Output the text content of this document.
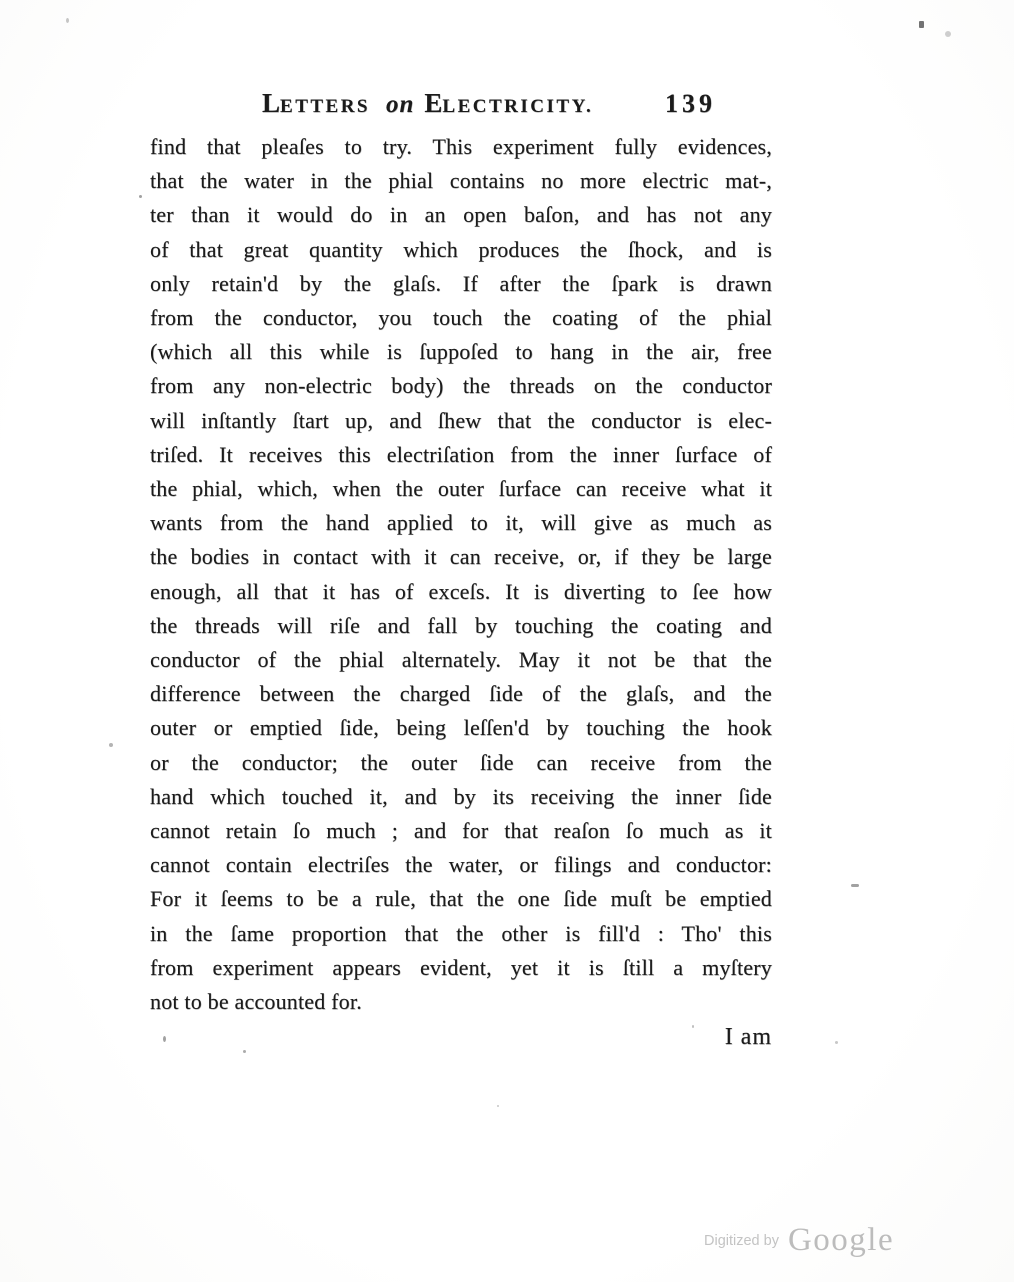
LETTERS on ELECTRICITY.	139
find that pleaſes to try. This experiment fully evidences,
that the water in the phial contains no more electric mat-,
ter than it would do in an open baſon, and has not any
of that great quantity which produces the ſhock, and is
only retain'd by the glaſs. If after the ſpark is drawn
from the conductor, you touch the coating of the phial
(which all this while is ſuppoſed to hang in the air, free
from any non-electric body) the threads on the conductor
will inſtantly ſtart up, and ſhew that the conductor is elec-
triſed. It receives this electriſation from the inner ſurface of
the phial, which, when the outer ſurface can receive what it
wants from the hand applied to it, will give as much as
the bodies in contact with it can receive, or, if they be large
enough, all that it has of exceſs. It is diverting to ſee how
the threads will riſe and fall by touching the coating and
conductor of the phial alternately. May it not be that the
difference between the charged ſide of the glaſs, and the
outer or emptied ſide, being leſſen'd by touching the hook
or the conductor; the outer ſide can receive from the
hand which touched it, and by its receiving the inner ſide
cannot retain ſo much ; and for that reaſon ſo much as it
cannot contain electriſes the water, or filings and conductor:
For it ſeems to be a rule, that the one ſide muſt be emptied
in the ſame proportion that the other is fill'd : Tho' this
from experiment appears evident, yet it is ſtill a myſtery
not to be accounted for.
I am
Digitized by Google
